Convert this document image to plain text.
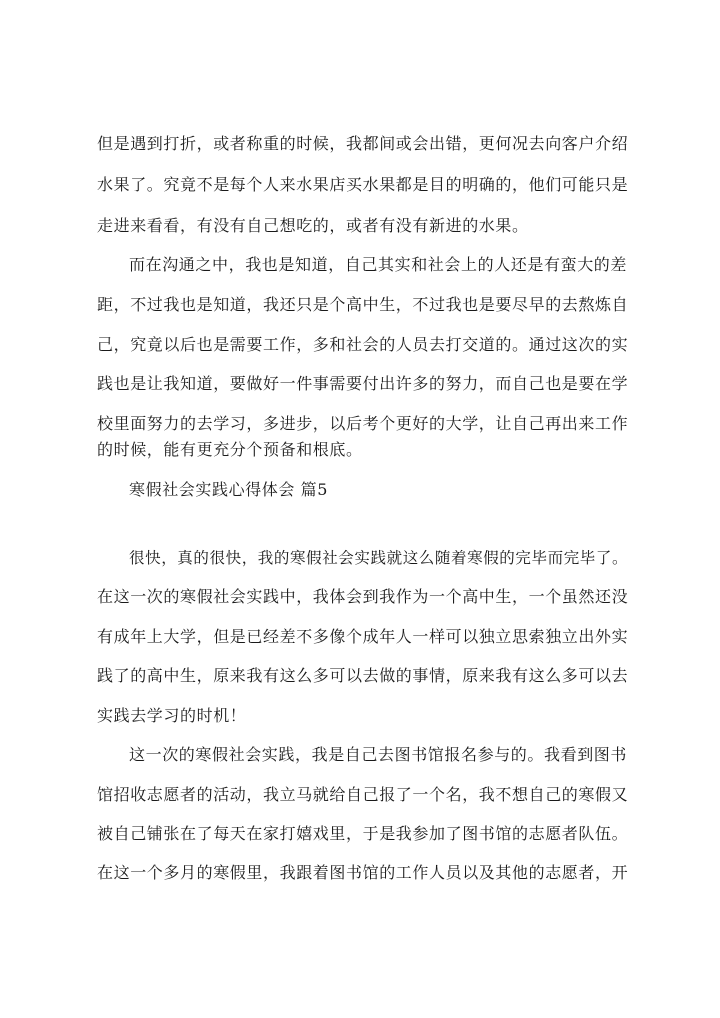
但是遇到打折，或者称重的时候，我都间或会出错，更何况去向客户介绍
水果了。究竟不是每个人来水果店买水果都是目的明确的，他们可能只是
走进来看看，有没有自己想吃的，或者有没有新进的水果。
而在沟通之中，我也是知道，自己其实和社会上的人还是有蛮大的差
距，不过我也是知道，我还只是个高中生，不过我也是要尽早的去熬炼自
己，究竟以后也是需要工作，多和社会的人员去打交道的。通过这次的实
践也是让我知道，要做好一件事需要付出许多的努力，而自己也是要在学
校里面努力的去学习，多进步，以后考个更好的大学，让自己再出来工作
的时候，能有更充分个预备和根底。
寒假社会实践心得体会 篇5
很快，真的很快，我的寒假社会实践就这么随着寒假的完毕而完毕了。
在这一次的寒假社会实践中，我体会到我作为一个高中生，一个虽然还没
有成年上大学，但是已经差不多像个成年人一样可以独立思索独立出外实
践了的高中生，原来我有这么多可以去做的事情，原来我有这么多可以去
实践去学习的时机！
这一次的寒假社会实践，我是自己去图书馆报名参与的。我看到图书
馆招收志愿者的活动，我立马就给自己报了一个名，我不想自己的寒假又
被自己铺张在了每天在家打嬉戏里，于是我参加了图书馆的志愿者队伍。
在这一个多月的寒假里，我跟着图书馆的工作人员以及其他的志愿者，开
